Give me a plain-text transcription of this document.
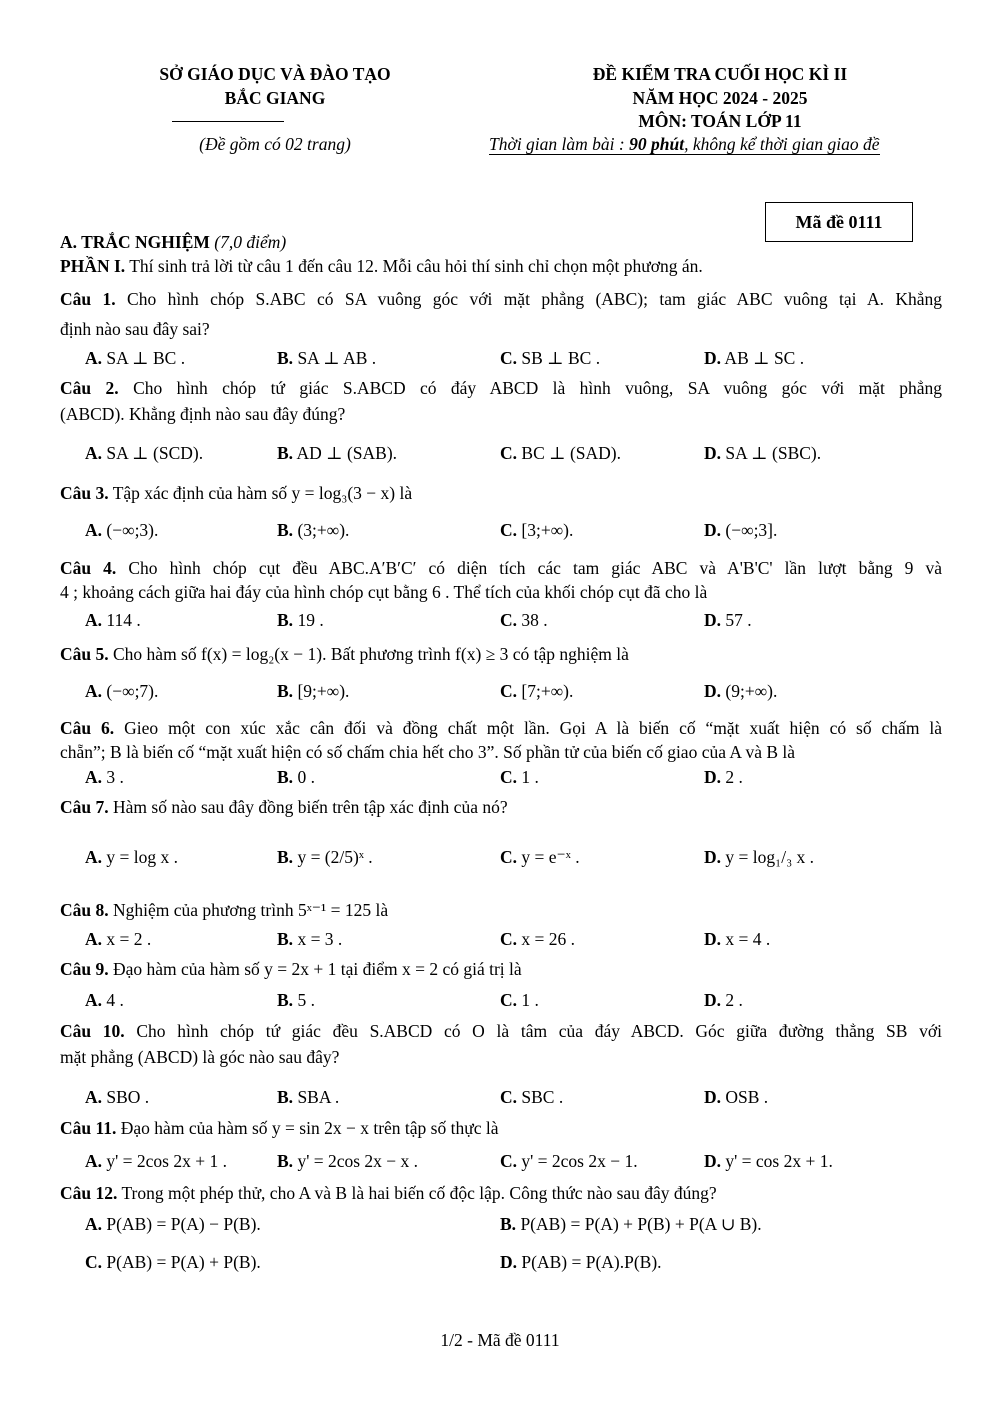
SỞ GIÁO DỤC VÀ ĐÀO TẠO
BẮC GIANG
(Đề gồm có 02 trang)
ĐỀ KIỂM TRA CUỐI HỌC KÌ II
NĂM HỌC 2024 - 2025
MÔN: TOÁN LỚP 11
Thời gian làm bài : 90 phút, không kể thời gian giao đề
Mã đề 0111
A. TRẮC NGHIỆM (7,0 điểm)
PHẦN I. Thí sinh trả lời từ câu 1 đến câu 12. Mỗi câu hỏi thí sinh chỉ chọn một phương án.
Câu 1. Cho hình chóp S.ABC có SA vuông góc với mặt phẳng (ABC); tam giác ABC vuông tại A. Khẳng
định nào sau đây sai?
A. SA ⊥ BC .	B. SA ⊥ AB .	C. SB ⊥ BC .	D. AB ⊥ SC .
Câu 2. Cho hình chóp tứ giác S.ABCD có đáy ABCD là hình vuông, SA vuông góc với mặt phẳng
(ABCD). Khẳng định nào sau đây đúng?
A. SA ⊥ (SCD).	B. AD ⊥ (SAB).	C. BC ⊥ (SAD).	D. SA ⊥ (SBC).
Câu 3. Tập xác định của hàm số y = log₃(3 − x) là
A. (−∞;3).	B. (3;+∞).	C. [3;+∞).	D. (−∞;3].
Câu 4. Cho hình chóp cụt đều ABC.A′B′C′ có diện tích các tam giác ABC và A'B'C' lần lượt bằng 9 và
4 ; khoảng cách giữa hai đáy của hình chóp cụt bằng 6 . Thể tích của khối chóp cụt đã cho là
A. 114 .	B. 19 .	C. 38 .	D. 57 .
Câu 5. Cho hàm số f(x) = log₂(x − 1). Bất phương trình f(x) ≥ 3 có tập nghiệm là
A. (−∞;7).	B. [9;+∞).	C. [7;+∞).	D. (9;+∞).
Câu 6. Gieo một con xúc xắc cân đối và đồng chất một lần. Gọi A là biến cố “mặt xuất hiện có số chấm là
chẵn”; B là biến cố “mặt xuất hiện có số chấm chia hết cho 3”. Số phần tử của biến cố giao của A và B là
A. 3 .	B. 0 .	C. 1 .	D. 2 .
Câu 7. Hàm số nào sau đây đồng biến trên tập xác định của nó?
A. y = log x .	B. y = (2/5)ˣ .	C. y = e⁻ˣ .	D. y = log₁/₃ x .
Câu 8. Nghiệm của phương trình 5ˣ⁻¹ = 125 là
A. x = 2 .	B. x = 3 .	C. x = 26 .	D. x = 4 .
Câu 9. Đạo hàm của hàm số y = 2x + 1 tại điểm x = 2 có giá trị là
A. 4 .	B. 5 .	C. 1 .	D. 2 .
Câu 10. Cho hình chóp tứ giác đều S.ABCD có O là tâm của đáy ABCD. Góc giữa đường thẳng SB với
mặt phẳng (ABCD) là góc nào sau đây?
A. SBO .	B. SBA .	C. SBC .	D. OSB .
Câu 11. Đạo hàm của hàm số y = sin 2x − x trên tập số thực là
A. y' = 2cos 2x + 1 .	B. y' = 2cos 2x − x .	C. y' = 2cos 2x − 1.	D. y' = cos 2x + 1.
Câu 12. Trong một phép thử, cho A và B là hai biến cố độc lập. Công thức nào sau đây đúng?
A. P(AB) = P(A) − P(B).	B. P(AB) = P(A) + P(B) + P(A ∪ B).
C. P(AB) = P(A) + P(B).	D. P(AB) = P(A).P(B).
1/2 - Mã đề 0111
